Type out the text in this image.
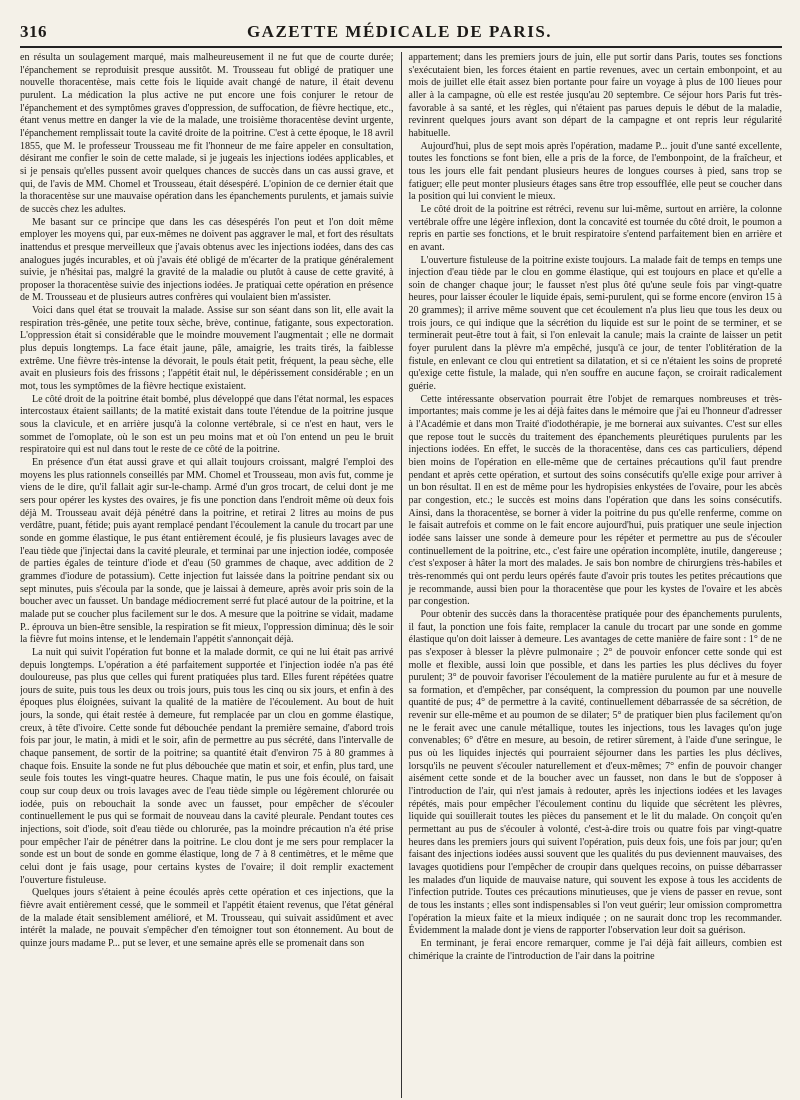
316	GAZETTE MÉDICALE DE PARIS.

en résulta un soulagement marqué, mais malheureusement il ne fut que de courte durée; l'épanchement se reproduisit presque aussitôt. M. Trousseau fut obligé de pratiquer une nouvelle thoracentèse, mais cette fois le liquide avait changé de nature, il était devenu purulent. La médication la plus active ne put encore une fois conjurer le retour de l'épanchement et des symptômes graves d'oppression, de suffocation, de fièvre hectique, etc., étant venus mettre en danger la vie de la malade, une troisième thoracentèse devint urgente, l'épanchement remplissait toute la cavité droite de la poitrine. C'est à cette époque, le 18 avril 1855, que M. le professeur Trousseau me fit l'honneur de me faire appeler en consultation, désirant me confier le soin de cette malade, si je jugeais les injections iodées applicables, et si je pensais qu'elles pussent avoir quelques chances de succès dans un cas aussi grave, et qui, de l'avis de MM. Chomel et Trousseau, était désespéré. L'opinion de ce dernier était que la thoracentèse sur une mauvaise opération dans les épanchements purulents, et jamais suivie de succès chez les adultes.

Me basant sur ce principe que dans les cas désespérés l'on peut et l'on doit même employer les moyens qui, par eux-mêmes ne doivent pas aggraver le mal, et fort des résultats inattendus et presque merveilleux que j'avais obtenus avec les injections iodées, dans des cas analogues jugés incurables, et où j'avais été obligé de m'écarter de la pratique généralement suivie, je n'hésitai pas, malgré la gravité de la maladie ou plutôt à cause de cette gravité, à proposer la thoracentèse suivie des injections iodées. Je pratiquai cette opération en présence de M. Trousseau et de plusieurs autres confrères qui voulaient bien m'assister.

Voici dans quel état se trouvait la malade. Assise sur son séant dans son lit, elle avait la respiration très-gênée, une petite toux sèche, brève, continue, fatigante, sous expectoration. L'oppression était si considérable que le moindre mouvement l'augmentait ; elle ne dormait plus depuis longtemps. La face était jaune, pâle, amaigrie, les traits tirés, la faiblesse extrême. Une fièvre très-intense la dévorait, le pouls était petit, fréquent, la peau sèche, elle avait en plusieurs fois des frissons ; l'appétit était nul, le dépérissement considérable ; en un mot, tous les symptômes de la fièvre hectique existaient.

Le côté droit de la poitrine était bombé, plus développé que dans l'état normal, les espaces intercostaux étaient saillants; de la matité existait dans toute l'étendue de la poitrine jusque sous la clavicule, et en arrière jusqu'à la colonne vertébrale, si ce n'est en haut, vers le sommet de l'omoplate, où le son est un peu moins mat et où l'on entend un peu le bruit respiratoire qui est nul dans tout le reste de ce côté de la poitrine.

En présence d'un état aussi grave et qui allait toujours croissant, malgré l'emploi des moyens les plus rationnels conseillés par MM. Chomel et Trousseau, mon avis fut, comme je viens de le dire, qu'il fallait agir sur-le-champ. Armé d'un gros trocart, de celui dont je me sers pour opérer les kystes des ovaires, je fis une ponction dans l'endroit même où deux fois déjà M. Trousseau avait déjà pénétré dans la poitrine, et retirai 2 litres au moins de pus verdâtre, puant, fétide; puis ayant remplacé pendant l'écoulement la canule du trocart par une sonde en gomme élastique, le pus étant entièrement écoulé, je fis plusieurs lavages avec de l'eau tiède que j'injectai dans la cavité pleurale, et terminai par une injection iodée, composée de parties égales de teinture d'iode et d'eau (50 grammes de chaque, avec addition de 2 grammes d'iodure de potassium). Cette injection fut laissée dans la poitrine pendant six ou sept minutes, puis s'écoula par la sonde, que je laissai à demeure, après avoir pris soin de la boucher avec un fausset. Un bandage médiocrement serré fut placé autour de la poitrine, et la malade put se coucher plus facilement sur le dos. A mesure que la poitrine se vidait, madame P.. éprouva un bien-être sensible, la respiration se fit mieux, l'oppression diminua; dès le soir la fièvre fut moins intense, et le lendemain l'appétit s'annonçait déjà.

La nuit qui suivit l'opération fut bonne et la malade dormit, ce qui ne lui était pas arrivé depuis longtemps. L'opération a été parfaitement supportée et l'injection iodée n'a pas été douloureuse, pas plus que celles qui furent pratiquées plus tard. Elles furent répétées quatre jours de suite, puis tous les deux ou trois jours, puis tous les cinq ou six jours, et enfin à des époques plus éloignées, suivant la qualité de la matière de l'écoulement. Au bout de huit jours, la sonde, qui était restée à demeure, fut remplacée par un clou en gomme élastique, creux, à tête d'ivoire. Cette sonde fut débouchée pendant la première semaine, d'abord trois fois par jour, le matin, à midi et le soir, afin de permettre au pus sécrété, dans l'intervalle de chaque pansement, de sortir de la poitrine; sa quantité était d'environ 75 à 80 grammes à chaque fois. Ensuite la sonde ne fut plus débouchée que matin et soir, et enfin, plus tard, une seule fois toutes les vingt-quatre heures. Chaque matin, le pus une fois écoulé, on faisait coup sur coup deux ou trois lavages avec de l'eau tiède simple ou légèrement chlorurée ou iodée, puis on rebouchait la sonde avec un fausset, pour empêcher de s'écouler continuellement le pus qui se formait de nouveau dans la cavité pleurale. Pendant toutes ces injections, soit d'iode, soit d'eau tiède ou chlorurée, pas la moindre précaution n'a été prise pour empêcher l'air de pénétrer dans la poitrine. Le clou dont je me sers pour remplacer la sonde est un bout de sonde en gomme élastique, long de 7 à 8 centimètres, et le même que celui dont je fais usage, pour certains kystes de l'ovaire; il doit remplir exactement l'ouverture fistuleuse.

Quelques jours s'étaient à peine écoulés après cette opération et ces injections, que la fièvre avait entièrement cessé, que le sommeil et l'appétit étaient revenus, que l'état général de la malade était sensiblement amélioré, et M. Trousseau, qui suivait assidûment et avec intérêt la malade, ne pouvait s'empêcher d'en témoigner tout son étonnement. Au bout de quinze jours madame P... put se lever, et une semaine après elle se promenait dans son

appartement; dans les premiers jours de juin, elle put sortir dans Paris, toutes ses fonctions s'exécutaient bien, les forces étaient en partie revenues, avec un certain embonpoint, et au mois de juillet elle était assez bien portante pour faire un voyage à plus de 100 lieues pour aller à la campagne, où elle est restée jusqu'au 20 septembre. Ce séjour hors Paris fut très-favorable à sa santé, et les règles, qui n'étaient pas parues depuis le début de la maladie, revinrent quelques jours avant son départ de la campagne et ont repris leur régularité habituelle.

Aujourd'hui, plus de sept mois après l'opération, madame P... jouit d'une santé excellente, toutes les fonctions se font bien, elle a pris de la force, de l'embonpoint, de la fraîcheur, et tous les jours elle fait pendant plusieurs heures de longues courses à pied, sans trop se fatiguer; elle peut monter plusieurs étages sans être trop essoufflée, elle peut se coucher dans la position qui lui convient le mieux.

Le côté droit de la poitrine est rétréci, revenu sur lui-même, surtout en arrière, la colonne vertébrale offre une légère inflexion, dont la concavité est tournée du côté droit, le poumon a repris en partie ses fonctions, et le bruit respiratoire s'entend parfaitement bien en arrière et en avant.

L'ouverture fistuleuse de la poitrine existe toujours. La malade fait de temps en temps une injection d'eau tiède par le clou en gomme élastique, qui est toujours en place et qu'elle a soin de changer chaque jour; le fausset n'est plus ôté qu'une seule fois par vingt-quatre heures, pour laisser écouler le liquide épais, semi-purulent, qui se forme encore (environ 15 à 20 grammes); il arrive même souvent que cet écoulement n'a plus lieu que tous les deux ou trois jours, ce qui indique que la sécrétion du liquide est sur le point de se terminer, et se terminerait peut-être tout à fait, si l'on enlevait la canule; mais la crainte de laisser un petit foyer purulent dans la plèvre m'a empêché, jusqu'à ce jour, de tenter l'oblitération de la fistule, en enlevant ce clou qui entretient sa dilatation, et si ce n'étaient les soins de propreté qu'exige cette fistule, la malade, qui n'en souffre en aucune façon, se croirait radicalement guérie.

Cette intéressante observation pourrait être l'objet de remarques nombreuses et très-importantes; mais comme je les ai déjà faites dans le mémoire que j'ai eu l'honneur d'adresser à l'Académie et dans mon Traité d'iodothérapie, je me bornerai aux suivantes. C'est sur elles que repose tout le succès du traitement des épanchements pleurétiques purulents par les injections iodées. En effet, le succès de la thoracentèse, dans ces cas particuliers, dépend bien moins de l'opération en elle-même que de certaines précautions qu'il faut prendre pendant et après cette opération, et surtout des soins consécutifs qu'elle exige pour arriver à un bon résultat. Il en est de même pour les hydropisies enkystées de l'ovaire, pour les abcès par congestion, etc.; le succès est moins dans l'opération que dans les soins consécutifs. Ainsi, dans la thoracentèse, se borner à vider la poitrine du pus qu'elle renferme, comme on le faisait autrefois et comme on le fait encore aujourd'hui, puis pratiquer une seule injection iodée sans laisser une sonde à demeure pour les répéter et permettre au pus de s'écouler continuellement de la poitrine, etc., c'est faire une opération incomplète, inutile, dangereuse ; c'est s'exposer à hâter la mort des malades. Je sais bon nombre de chirurgiens très-habiles et très-renommés qui ont perdu leurs opérés faute d'avoir pris toutes les petites précautions que je recommande, aussi bien pour la thoracentèse que pour les kystes de l'ovaire et les abcès par congestion.

Pour obtenir des succès dans la thoracentèse pratiquée pour des épanchements purulents, il faut, la ponction une fois faite, remplacer la canule du trocart par une sonde en gomme élastique qu'on doit laisser à demeure. Les avantages de cette manière de faire sont : 1° de ne pas s'exposer à blesser la plèvre pulmonaire ; 2° de pouvoir enfoncer cette sonde qui est molle et flexible, aussi loin que possible, et dans les parties les plus déclives du foyer purulent; 3° de pouvoir favoriser l'écoulement de la matière purulente au fur et à mesure de sa formation, et d'empêcher, par conséquent, la compression du poumon par une nouvelle quantité de pus; 4° de permettre à la cavité, continuellement débarrassée de sa sécrétion, de revenir sur elle-même et au poumon de se dilater; 5° de pratiquer bien plus facilement qu'on ne le ferait avec une canule métallique, toutes les injections, tous les lavages qu'on juge convenables; 6° d'être en mesure, au besoin, de retirer sûrement, à l'aide d'une seringue, le pus où les liquides injectés qui pourraient séjourner dans les parties les plus déclives, lorsqu'ils ne peuvent s'écouler naturellement et d'eux-mêmes; 7° enfin de pouvoir changer aisément cette sonde et de la boucher avec un fausset, non dans le but de s'opposer à l'introduction de l'air, qui n'est jamais à redouter, après les injections iodées et les lavages répétés, mais pour empêcher l'écoulement continu du liquide que sécrètent les plèvres, liquide qui souillerait toutes les pièces du pansement et le lit du malade. On conçoit qu'en permettant au pus de s'écouler à volonté, c'est-à-dire trois ou quatre fois par vingt-quatre heures dans les premiers jours qui suivent l'opération, puis deux fois, une fois par jour; qu'en faisant des injections iodées aussi souvent que les qualités du pus deviennent mauvaises, des lavages quotidiens pour l'empêcher de croupir dans quelques recoins, on puisse débarrasser les malades d'un liquide de mauvaise nature, qui souvent les expose à tous les accidents de l'infection putride. Toutes ces précautions minutieuses, que je viens de passer en revue, sont de tous les instants ; elles sont indispensables si l'on veut guérir; leur omission compromettra l'opération la mieux faite et la mieux indiquée ; on ne saurait donc trop les recommander. Évidemment la malade dont je viens de rapporter l'observation leur doit sa guérison.

En terminant, je ferai encore remarquer, comme je l'ai déjà fait ailleurs, combien est chimérique la crainte de l'introduction de l'air dans la poitrine
